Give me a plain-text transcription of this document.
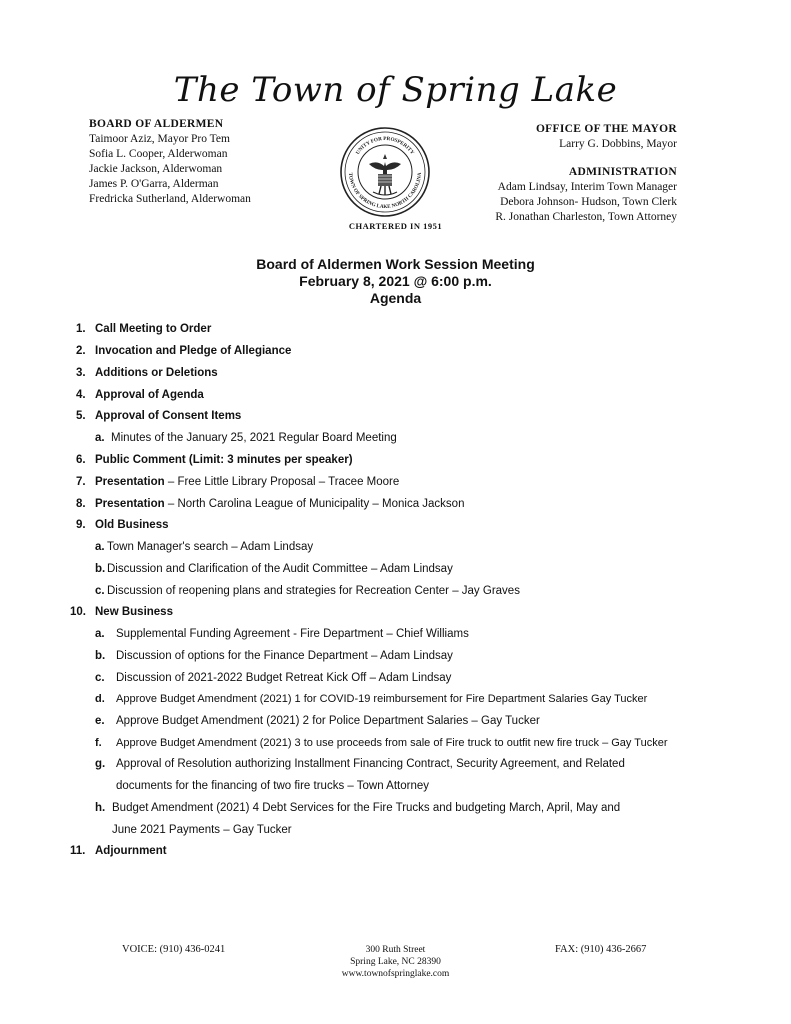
The Town of Spring Lake
BOARD OF ALDERMEN
Taimoor Aziz, Mayor Pro Tem
Sofia L. Cooper, Alderwoman
Jackie Jackson, Alderwoman
James P. O'Garra, Alderman
Fredricka Sutherland, Alderwoman
UNITY FOR PROSPERITY
TOWN OF SPRING LAKE NORTH CAROLINA
OFFICE OF THE MAYOR
Larry G. Dobbins, Mayor
ADMINISTRATION
Adam Lindsay, Interim Town Manager
Debora Johnson- Hudson, Town Clerk
R. Jonathan Charleston, Town Attorney
CHARTERED IN 1951
Board of Aldermen Work Session Meeting
February 8, 2021 @ 6:00 p.m.
Agenda
1. Call Meeting to Order
2. Invocation and Pledge of Allegiance
3. Additions or Deletions
4. Approval of Agenda
5. Approval of Consent Items
a. Minutes of the January 25, 2021 Regular Board Meeting
6. Public Comment (Limit: 3 minutes per speaker)
7. Presentation – Free Little Library Proposal – Tracee Moore
8. Presentation – North Carolina League of Municipality – Monica Jackson
9. Old Business
a. Town Manager's search – Adam Lindsay
b. Discussion and Clarification of the Audit Committee – Adam Lindsay
c. Discussion of reopening plans and strategies for Recreation Center – Jay Graves
10. New Business
a. Supplemental Funding Agreement - Fire Department – Chief Williams
b. Discussion of options for the Finance Department – Adam Lindsay
c. Discussion of 2021-2022 Budget Retreat Kick Off – Adam Lindsay
d. Approve Budget Amendment (2021) 1 for COVID-19 reimbursement for Fire Department Salaries Gay Tucker
e. Approve Budget Amendment (2021) 2 for Police Department Salaries – Gay Tucker
f. Approve Budget Amendment (2021) 3 to use proceeds from sale of Fire truck to outfit new fire truck – Gay Tucker
g. Approval of Resolution authorizing Installment Financing Contract, Security Agreement, and Related
documents for the financing of two fire trucks – Town Attorney
h. Budget Amendment (2021) 4 Debt Services for the Fire Trucks and budgeting March, April, May and
June 2021 Payments – Gay Tucker
11. Adjournment
VOICE: (910) 436-0241	300 Ruth Street
Spring Lake, NC 28390
www.townofspringlake.com
FAX: (910) 436-2667
